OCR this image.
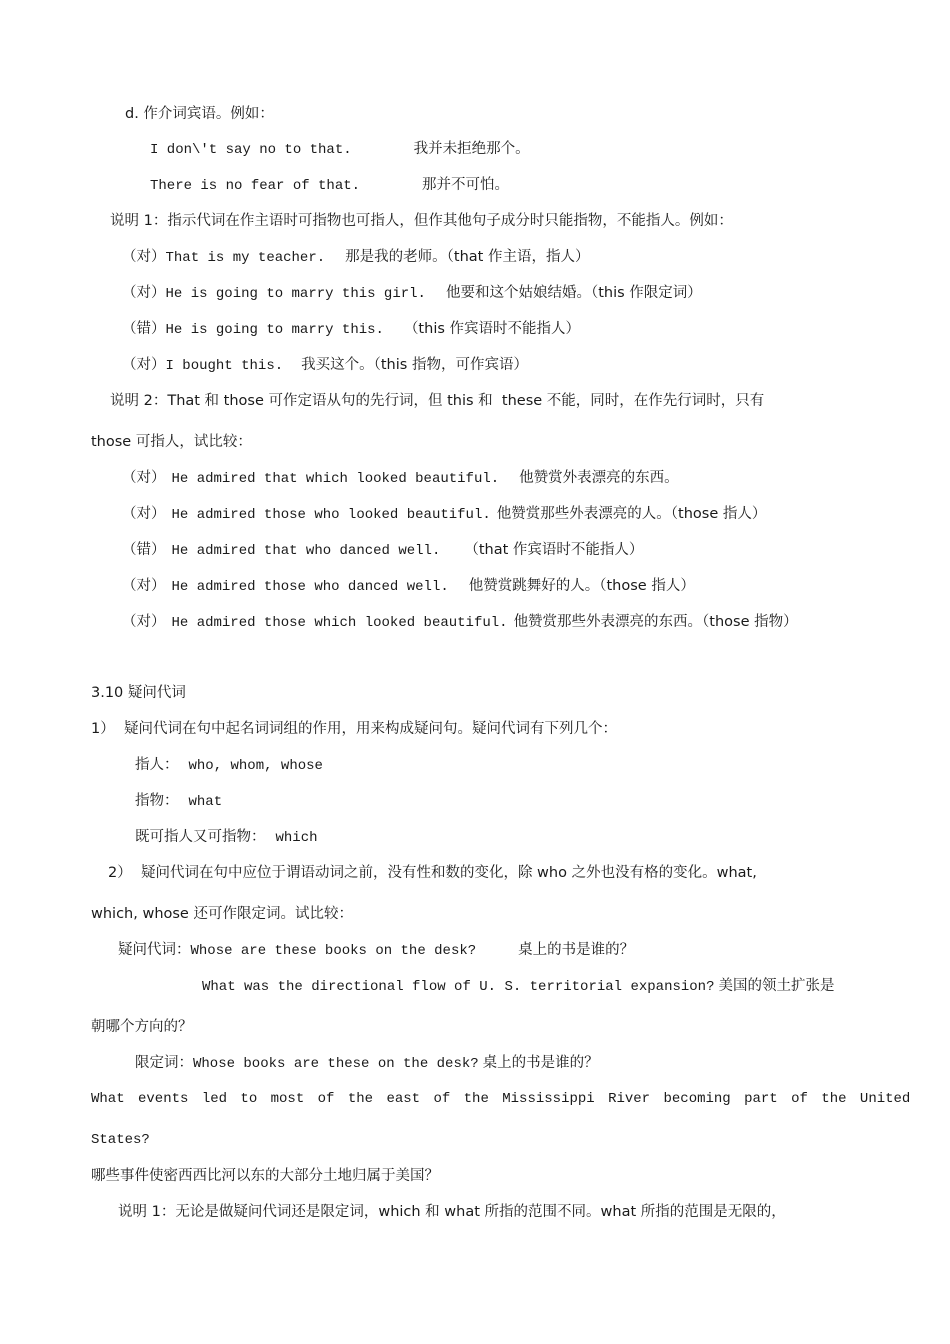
d. 作介词宾语。例如：
I don\'t say no to that.	我并未拒绝那个。
There is no fear of that.	那并不可怕。
说明 1：指示代词在作主语时可指物也可指人，但作其他句子成分时只能指物，不能指人。例如：
（对）That is my teacher. 那是我的老师。（that 作主语，指人）
（对）He is going to marry this girl. 他要和这个姑娘结婚。（this 作限定词）
（错）He is going to marry this. （this 作宾语时不能指人）
（对）I bought this. 我买这个。（this 指物，可作宾语）
说明 2：That 和 those 可作定语从句的先行词，但 this 和  these 不能，同时，在作先行词时，只有
those 可指人，试比较：
（对） He admired that which looked beautiful. 他赞赏外表漂亮的东西。
（对） He admired those who looked beautiful. 他赞赏那些外表漂亮的人。（those 指人）
（错） He admired that who danced well. （that 作宾语时不能指人）
（对） He admired those who danced well. 他赞赏跳舞好的人。（those 指人）
（对） He admired those which looked beautiful. 他赞赏那些外表漂亮的东西。（those 指物）
3.10 疑问代词
1）  疑问代词在句中起名词词组的作用，用来构成疑问句。疑问代词有下列几个：
指人： who, whom, whose
指物： what
既可指人又可指物： which
2）  疑问代词在句中应位于谓语动词之前，没有性和数的变化，除 who 之外也没有格的变化。what,
which, whose 还可作限定词。试比较：
疑问代词：Whose are these books on the desk?	桌上的书是谁的？
What was the directional flow of U. S. territorial expansion? 美国的领土扩张是
朝哪个方向的？
限定词：Whose books are these on the desk? 桌上的书是谁的？
What events led to most of the east of the Mississippi River becoming part of the United
States?
哪些事件使密西西比河以东的大部分土地归属于美国？
说明 1：无论是做疑问代词还是限定词，which 和 what 所指的范围不同。what 所指的范围是无限的，
